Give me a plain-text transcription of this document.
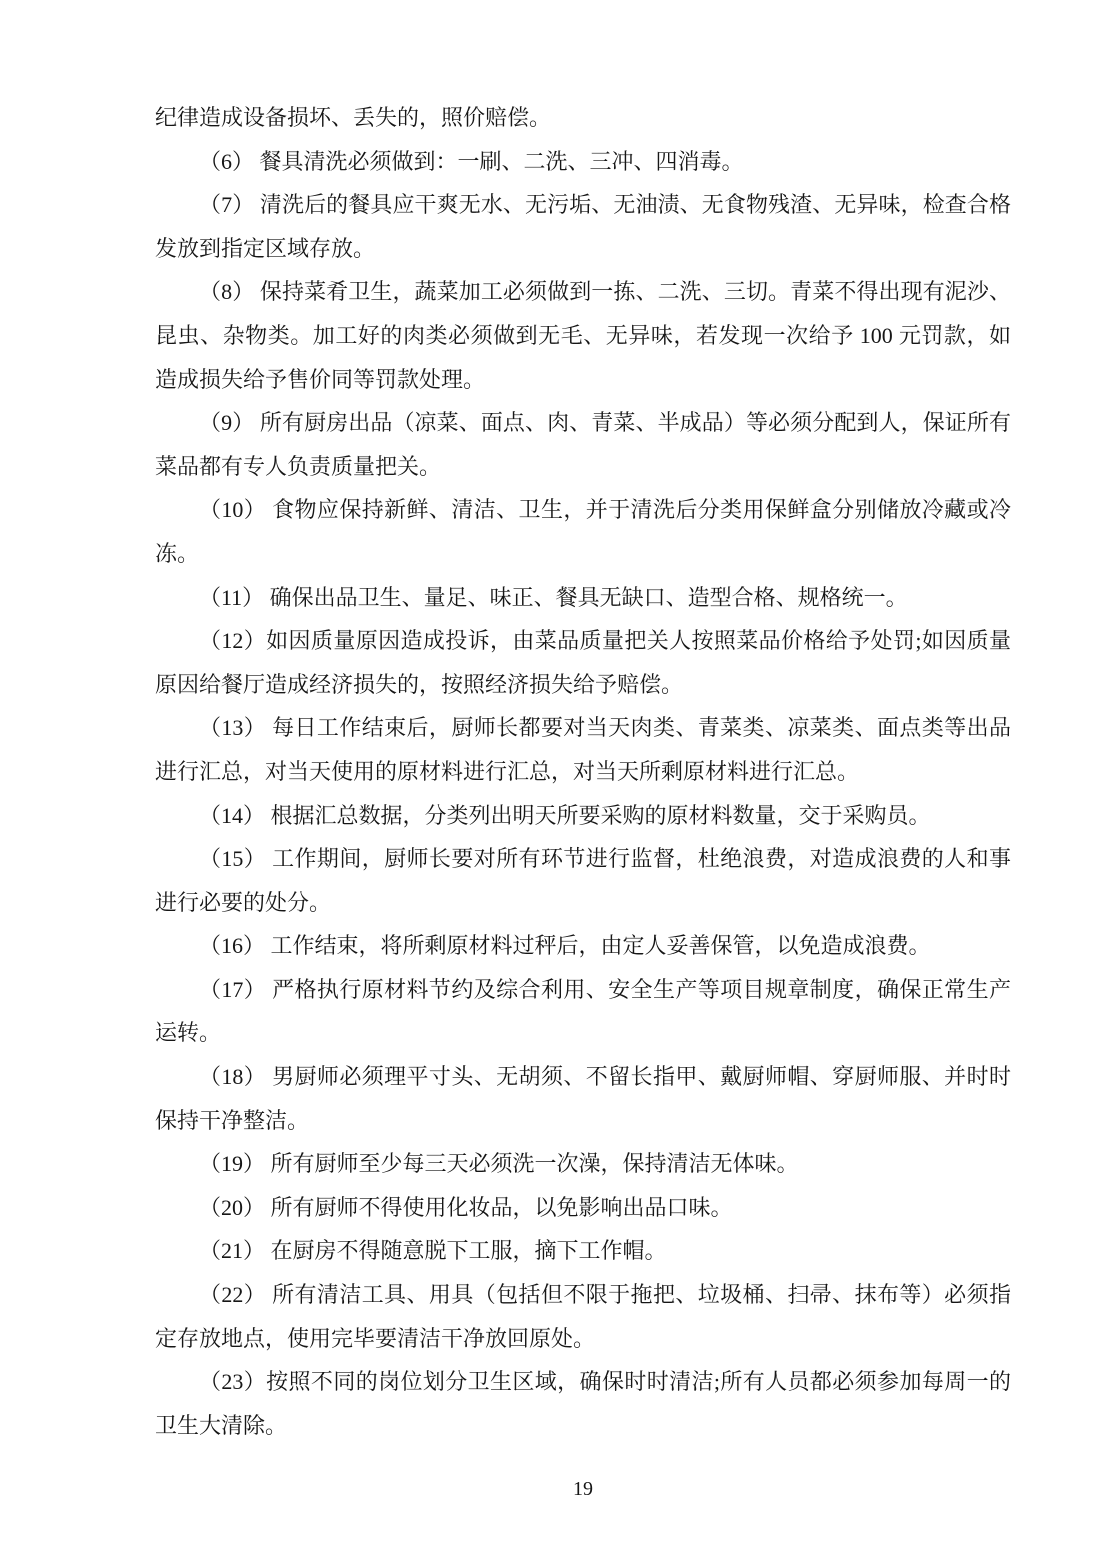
纪律造成设备损坏、丢失的，照价赔偿。

（6） 餐具清洗必须做到：一刷、二洗、三冲、四消毒。

（7） 清洗后的餐具应干爽无水、无污垢、无油渍、无食物残渣、无异味，检查合格发放到指定区域存放。

（8） 保持菜肴卫生，蔬菜加工必须做到一拣、二洗、三切。青菜不得出现有泥沙、昆虫、杂物类。加工好的肉类必须做到无毛、无异味，若发现一次给予 100 元罚款，如造成损失给予售价同等罚款处理。

（9） 所有厨房出品（凉菜、面点、肉、青菜、半成品）等必须分配到人，保证所有菜品都有专人负责质量把关。

（10） 食物应保持新鲜、清洁、卫生，并于清洗后分类用保鲜盒分别储放冷藏或冷冻。

（11） 确保出品卫生、量足、味正、餐具无缺口、造型合格、规格统一。

（12）如因质量原因造成投诉，由菜品质量把关人按照菜品价格给予处罚;如因质量原因给餐厅造成经济损失的，按照经济损失给予赔偿。

（13） 每日工作结束后，厨师长都要对当天肉类、青菜类、凉菜类、面点类等出品进行汇总，对当天使用的原材料进行汇总，对当天所剩原材料进行汇总。

（14） 根据汇总数据，分类列出明天所要采购的原材料数量，交于采购员。

（15） 工作期间，厨师长要对所有环节进行监督，杜绝浪费，对造成浪费的人和事进行必要的处分。

（16） 工作结束，将所剩原材料过秤后，由定人妥善保管，以免造成浪费。

（17） 严格执行原材料节约及综合利用、安全生产等项目规章制度，确保正常生产运转。

（18） 男厨师必须理平寸头、无胡须、不留长指甲、戴厨师帽、穿厨师服、并时时保持干净整洁。

（19） 所有厨师至少每三天必须洗一次澡，保持清洁无体味。

（20） 所有厨师不得使用化妆品，以免影响出品口味。

（21） 在厨房不得随意脱下工服，摘下工作帽。

（22） 所有清洁工具、用具（包括但不限于拖把、垃圾桶、扫帚、抹布等）必须指定存放地点，使用完毕要清洁干净放回原处。

（23）按照不同的岗位划分卫生区域，确保时时清洁;所有人员都必须参加每周一的卫生大清除。

19
